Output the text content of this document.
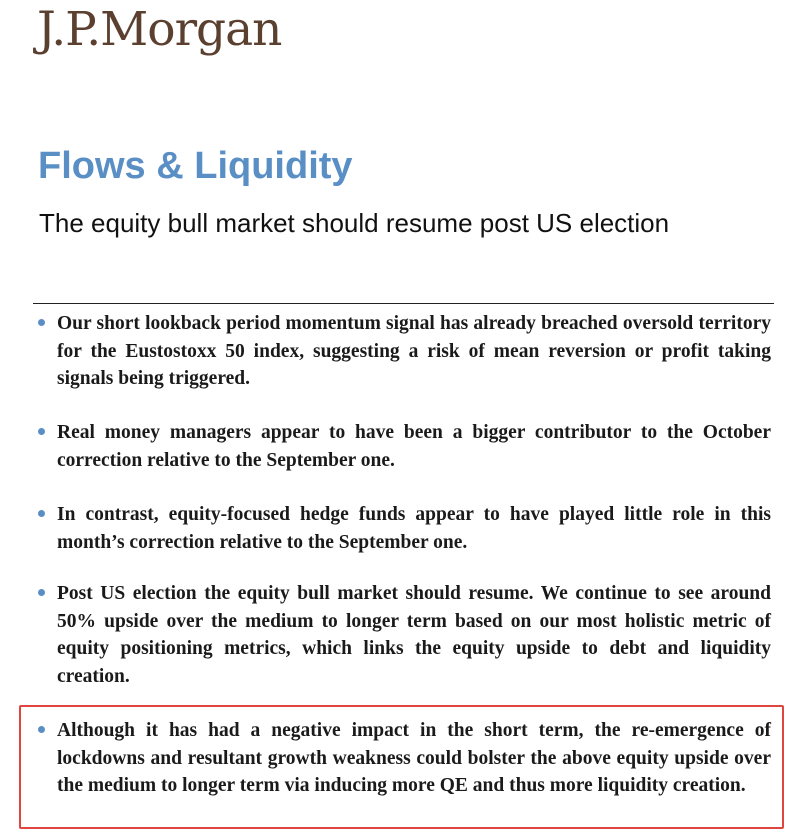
J.P.Morgan
Flows & Liquidity
The equity bull market should resume post US election
Our short lookback period momentum signal has already breached oversold territory for the Eustostoxx 50 index, suggesting a risk of mean reversion or profit taking signals being triggered.
Real money managers appear to have been a bigger contributor to the October correction relative to the September one.
In contrast, equity-focused hedge funds appear to have played little role in this month’s correction relative to the September one.
Post US election the equity bull market should resume. We continue to see around 50% upside over the medium to longer term based on our most holistic metric of equity positioning metrics, which links the equity upside to debt and liquidity creation.
Although it has had a negative impact in the short term, the re-emergence of lockdowns and resultant growth weakness could bolster the above equity upside over the medium to longer term via inducing more QE and thus more liquidity creation.
